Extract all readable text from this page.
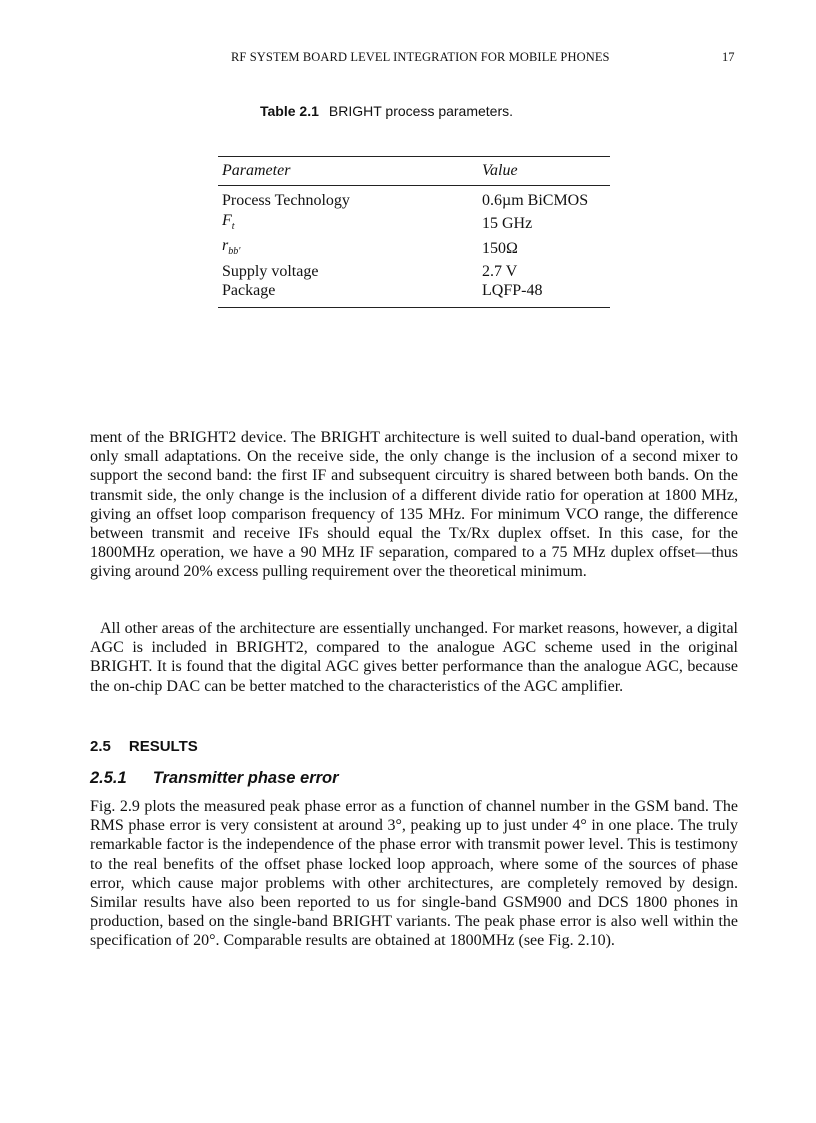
RF SYSTEM BOARD LEVEL INTEGRATION FOR MOBILE PHONES	17
Table 2.1 BRIGHT process parameters.
Parameter	Value
Process Technology	0.6µm BiCMOS
$F_t$	15 GHz
$r_{bb'}$	150Ω
Supply voltage	2.7 V
Package	LQFP-48

ment of the BRIGHT2 device. The BRIGHT architecture is well suited to dual-band operation, with only small adaptations. On the receive side, the only change is the inclusion of a second mixer to support the second band: the first IF and subsequent circuitry is shared between both bands. On the transmit side, the only change is the inclusion of a different divide ratio for operation at 1800 MHz, giving an offset loop comparison frequency of 135 MHz. For minimum VCO range, the difference between transmit and receive IFs should equal the Tx/Rx duplex offset. In this case, for the 1800MHz operation, we have a 90 MHz IF separation, compared to a 75 MHz duplex offset—thus giving around 20% excess pulling requirement over the theoretical minimum.

All other areas of the architecture are essentially unchanged. For market reasons, however, a digital AGC is included in BRIGHT2, compared to the analogue AGC scheme used in the original BRIGHT. It is found that the digital AGC gives better performance than the analogue AGC, because the on-chip DAC can be better matched to the characteristics of the AGC amplifier.

2.5 RESULTS
2.5.1 Transmitter phase error

Fig. 2.9 plots the measured peak phase error as a function of channel number in the GSM band. The RMS phase error is very consistent at around 3°, peaking up to just under 4° in one place. The truly remarkable factor is the independence of the phase error with transmit power level. This is testimony to the real benefits of the offset phase locked loop approach, where some of the sources of phase error, which cause major problems with other architectures, are completely removed by design. Similar results have also been reported to us for single-band GSM900 and DCS 1800 phones in production, based on the single-band BRIGHT variants. The peak phase error is also well within the specification of 20°. Comparable results are obtained at 1800MHz (see Fig. 2.10).
